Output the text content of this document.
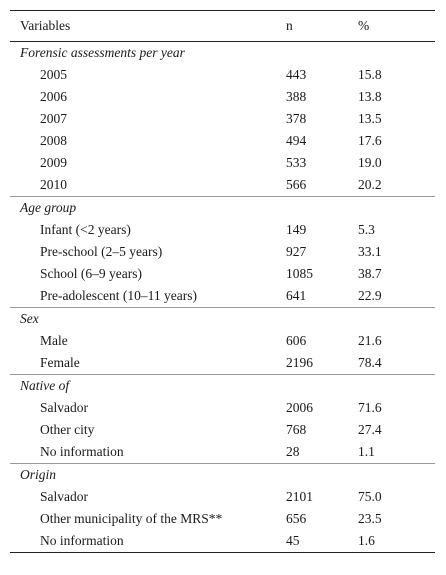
Variables	n	%
Forensic assessments per year		
2005	443	15.8
2006	388	13.8
2007	378	13.5
2008	494	17.6
2009	533	19.0
2010	566	20.2
Age group		
Infant (<2 years)	149	5.3
Pre-school (2–5 years)	927	33.1
School (6–9 years)	1085	38.7
Pre-adolescent (10–11 years)	641	22.9
Sex		
Male	606	21.6
Female	2196	78.4
Native of		
Salvador	2006	71.6
Other city	768	27.4
No information	28	1.1
Origin		
Salvador	2101	75.0
Other municipality of the MRS**	656	23.5
No information	45	1.6
